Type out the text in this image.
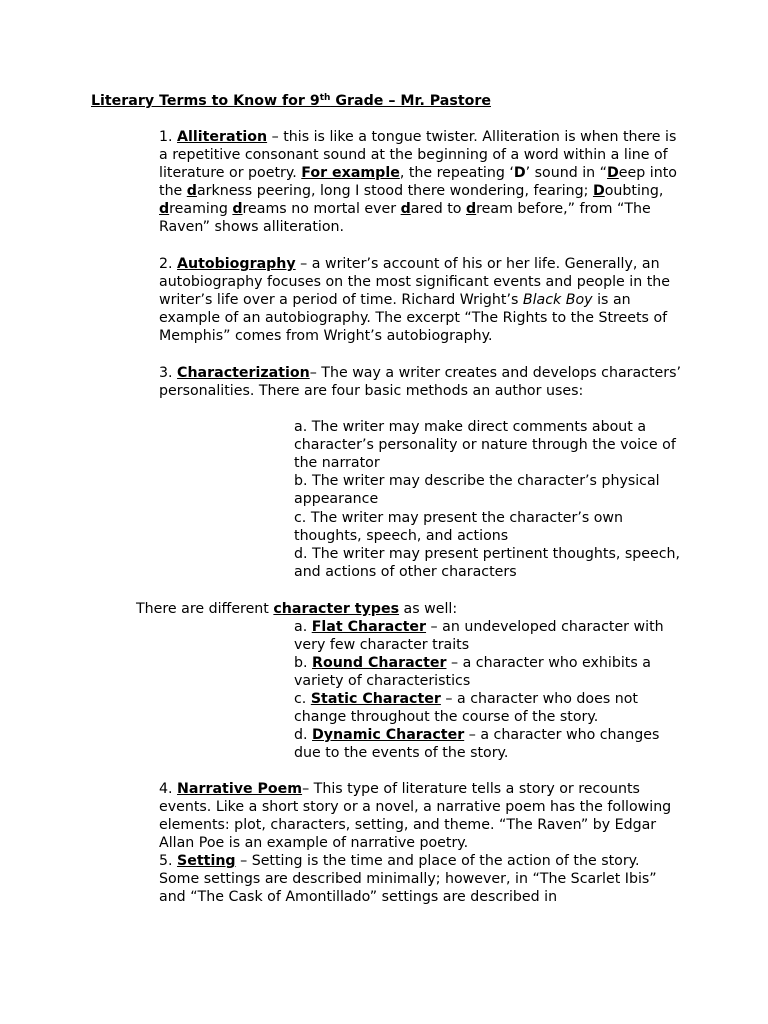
Literary Terms to Know for 9th Grade – Mr. Pastore

1. Alliteration – this is like a tongue twister. Alliteration is when there is a repetitive consonant sound at the beginning of a word within a line of literature or poetry. For example, the repeating ‘D’ sound in “Deep into the darkness peering, long I stood there wondering, fearing; Doubting, dreaming dreams no mortal ever dared to dream before,” from “The Raven” shows alliteration.

2. Autobiography – a writer’s account of his or her life. Generally, an autobiography focuses on the most significant events and people in the writer’s life over a period of time. Richard Wright’s Black Boy is an example of an autobiography. The excerpt “The Rights to the Streets of Memphis” comes from Wright’s autobiography.

3. Characterization– The way a writer creates and develops characters’ personalities. There are four basic methods an author uses:

a. The writer may make direct comments about a character’s personality or nature through the voice of the narrator

b. The writer may describe the character’s physical appearance

c. The writer may present the character’s own thoughts, speech, and actions

d. The writer may present pertinent thoughts, speech, and actions of other characters

There are different character types as well:

a. Flat Character – an undeveloped character with very few character traits

b. Round Character – a character who exhibits a variety of characteristics

c. Static Character – a character who does not change throughout the course of the story.

d. Dynamic Character – a character who changes due to the events of the story.

4. Narrative Poem– This type of literature tells a story or recounts events. Like a short story or a novel, a narrative poem has the following elements: plot, characters, setting, and theme. “The Raven” by Edgar Allan Poe is an example of narrative poetry.

5. Setting – Setting is the time and place of the action of the story. Some settings are described minimally; however, in “The Scarlet Ibis” and “The Cask of Amontillado” settings are described in
